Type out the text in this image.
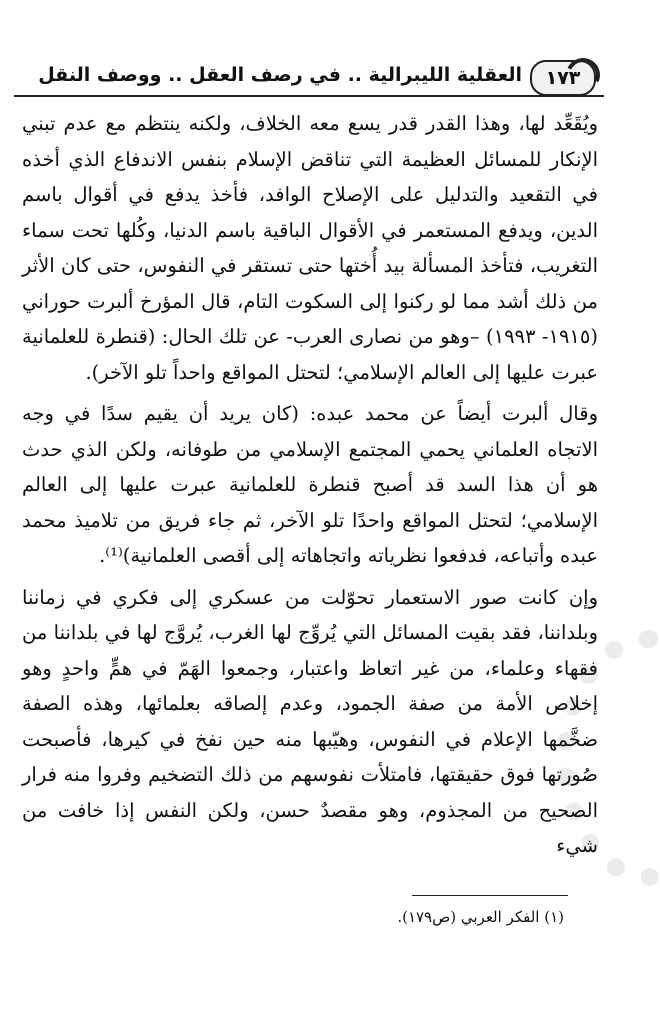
١٧٣
العقلية الليبرالية .. في رصف العقل .. ووصف النقل

ويُقَعِّد لها، وهذا القدر قدر يسع معه الخلاف، ولكنه ينتظم مع عدم تبني الإنكار للمسائل العظيمة التي تناقض الإسلام بنفس الاندفاع الذي أخذه في التقعيد والتدليل على الإصلاح الوافد، فأخذ يدفع في أقوال باسم الدين، ويدفع المستعمر في الأقوال الباقية باسم الدنيا، وكُلها تحت سماء التغريب، فتأخذ المسألة بيد أُختها حتى تستقر في النفوس، حتى كان الأثر من ذلك أشد مما لو ركنوا إلى السكوت التام، قال المؤرخ ألبرت حوراني (١٩١٥- ١٩٩٣) –وهو من نصارى العرب- عن تلك الحال: (قنطرة للعلمانية عبرت عليها إلى العالم الإسلامي؛ لتحتل المواقع واحداً تلو الآخر).

وقال ألبرت أيضاً عن محمد عبده: (كان يريد أن يقيم سدًا في وجه الاتجاه العلماني يحمي المجتمع الإسلامي من طوفانه، ولكن الذي حدث هو أن هذا السد قد أصبح قنطرة للعلمانية عبرت عليها إلى العالم الإسلامي؛ لتحتل المواقع واحدًا تلو الآخر، ثم جاء فريق من تلاميذ محمد عبده وأتباعه، فدفعوا نظرياته واتجاهاته إلى أقصى العلمانية)⁽¹⁾.

وإن كانت صور الاستعمار تحوّلت من عسكري إلى فكري في زماننا وبلداننا، فقد بقيت المسائل التي يُروِّج لها الغرب، يُروَّج لها في بلداننا من فقهاء وعلماء، من غير اتعاظ واعتبار، وجمعوا الهَمّ في همٍّ واحدٍ وهو إخلاص الأمة من صفة الجمود، وعدم إلصاقه بعلمائها، وهذه الصفة ضخَّمها الإعلام في النفوس، وهيّبها منه حين نفخ في كيرها، فأصبحت صُورتها فوق حقيقتها، فامتلأت نفوسهم من ذلك التضخيم وفروا منه فرار الصحيح من المجذوم، وهو مقصدٌ حسن، ولكن النفس إذا خافت من شيء

(١) الفكر العربي (ص١٧٩).
